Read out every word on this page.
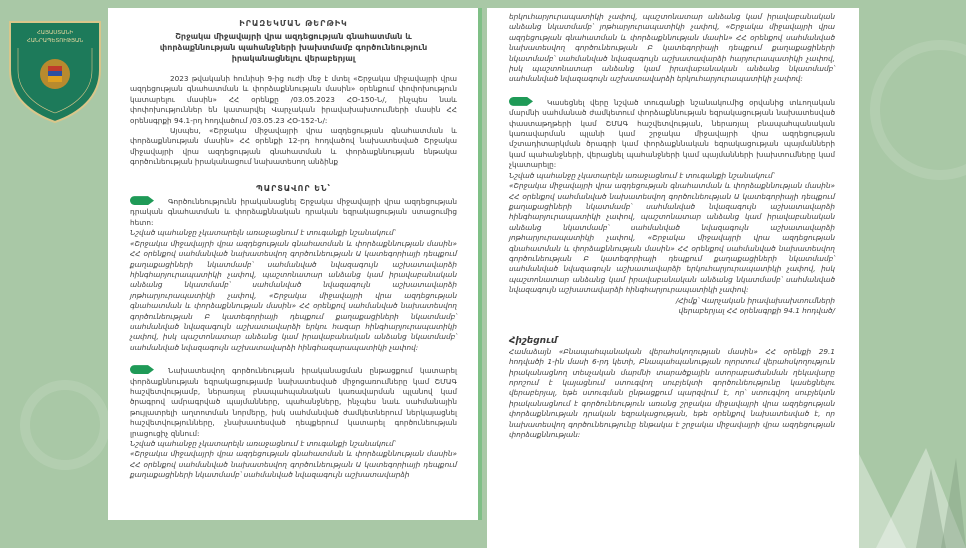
ՀԱՅԱՍՏԱՆԻ
ՀԱՆՐԱՊԵՏՈՒԹՅԱՆ
ԻՐԱԶԵԿՄԱՆ ԹԵՐԹԻԿ
Շրջակա միջավայրի վրա ազդեցության գնահատման և փորձաքննության պահանջների խախտմամբ գործունեություն իրականացնելու վերաբերյալ

2023 թվականի հունիսի 9-ից ուժի մեջ է մտել «Շրջակա միջավայրի վրա ազդեցության գնահատման և փորձաքննության մասին» օրենքում փոփոխություն կատարելու մասին» ՀՀ օրենքը /03.05.2023 ՀՕ-150-Ն/, ինչպես նաև փոփոխություններ են կատարվել Վարչական իրավախախտումների մասին ՀՀ օրենսգրքի 94.1-րդ հոդվածում /03.05.23 ՀՕ-152-Ն/:

Այսպես, «Շրջակա միջավայրի վրա ազդեցության գնահատման և փորձաքննության մասին» ՀՀ օրենքի 12-րդ հոդվածով նախատեսված Շրջակա միջավայրի վրա ազդեցության գնահատման և փորձաքննության ենթակա գործունեության իրականացում նախատեսող անձինք

ՊԱՐՏԱՎՈՐ ԵՆ՝

Գործունեությունն իրականացնել Շրջակա միջավայրի վրա ազդեցության դրական գնահատման և փորձաքննական դրական եզրակացության ստացումից հետո:

Նշված պահանջը չկատարելն առաջացնում է տուգանքի նշանակում՝

«Շրջակա միջավայրի վրա ազդեցության գնահատման և փորձաքննության մասին» ՀՀ օրենքով սահմանված նախատեսվող գործունեության Ա կատեգորիայի դեպքում քաղաքացիների նկատմամբ՝ սահմանված նվազագույն աշխատավարձի հինգհարյուրապատիկի չափով, պաշտոնատար անձանց կամ իրավաբանական անձանց նկատմամբ՝ սահմանված նվազագույն աշխատավարձի յոթհարյուրապատիկի չափով, «Շրջակա միջավայրի վրա ազդեցության գնահատման և փորձաքննության մասին» ՀՀ օրենքով սահմանված նախատեսվող գործունեության Բ կատեգորիայի դեպքում քաղաքացիների նկատմամբ՝ սահմանված նվազագույն աշխատավարձի երկու հազար հինգհարյուրապատիկի չափով, իսկ պաշտոնատար անձանց կամ իրավաբանական անձանց նկատմամբ՝ սահմանված նվազագույն աշխատավարձի հինգհազարապատիկի չափով:

Նախատեսվող գործունեության իրականացման ընթացքում կատարել փորձաքննության եզրակացությամբ նախատեսված միջոցառումները կամ ՇՄԱԳ հաշվետվությամբ, ներառյալ բնապահպանական կառավարման պլանով կամ ծրագրով ամրագրված պայմանները, պահանջները, ինչպես նաև սահմանային թույլատրելի աղտոտման նորմերը, իսկ սահմանված ժամկետներում ներկայացնել հաշվետվությունները, չնախատեսված դեպքերում կատարել գործունեության լրացուցիչ զննում:

Նշված պահանջը չկատարելն առաջացնում է տուգանքի նշանակում՝

«Շրջակա միջավայրի վրա ազդեցության գնահատման և փորձաքննության մասին» ՀՀ օրենքով սահմանված նախատեսվող գործունեության Ա կատեգորիայի դեպքում քաղաքացիների նկատմամբ՝ սահմանված նվազագույն աշխատավարձի

երկուհարյուրապատիկի չափով, պաշտոնատար անձանց կամ իրավաբանական անձանց նկատմամբ՝ յոթհարյուրապատիկի չափով, «Շրջակա միջավայրի վրա ազդեցության գնահատման և փորձաքննության մասին» ՀՀ օրենքով սահմանված նախատեսվող գործունեության Բ կատեգորիայի դեպքում քաղաքացիների նկատմամբ՝ սահմանված նվազագույն աշխատավարձի հարյուրապատիկի չափով, իսկ պաշտոնատար անձանց կամ իրավաբանական անձանց նկատմամբ՝ սահմանված նվազագույն աշխատավարձի երկուհարյուրապատիկի չափով:

Կասեցնել վերը նշված տուգանքի նշանակումից օրվանից տևողական մարմնի սահմանած ժամկետում փորձաքննության եզրակացության նախատեսված փաստաթղթերի կամ ՇՄԱԳ հաշվետվության, ներառյալ բնապահպանական կառավարման պլանի կամ շրջակա միջավայրի վրա ազդեցության մշտադիտարկման ծրագրի կամ փորձաքննական եզրակացության պայմանների կամ պահանջների, վերացնել պահանջների կամ պայմանների խախտումները կամ չկատարելը:

Նշված պահանջը չկատարելն առաջացնում է տուգանքի նշանակում՝

«Շրջակա միջավայրի վրա ազդեցության գնահատման և փորձաքննության մասին» ՀՀ օրենքով սահմանված նախատեսվող գործունեության Ա կատեգորիայի դեպքում քաղաքացիների նկատմամբ՝ սահմանված նվազագույն աշխատավարձի հինգհարյուրապատիկի չափով, պաշտոնատար անձանց կամ իրավաբանական անձանց նկատմամբ՝ սահմանված նվազագույն աշխատավարձի յոթհարյուրապատիկի չափով, «Շրջակա միջավայրի վրա ազդեցության գնահատման և փորձաքննության մասին» ՀՀ օրենքով սահմանված նախատեսվող գործունեության Բ կատեգորիայի դեպքում քաղաքացիների նկատմամբ՝ սահմանված նվազագույն աշխատավարձի երկուհարյուրապատիկի չափով, իսկ պաշտոնատար անձանց կամ իրավաբանական անձանց նկատմամբ՝ սահմանված նվազագույն աշխատավարձի հինգհարյուրապատիկի չափով:

/Հիմք՝ Վարչական իրավախախտումների վերաբերյալ ՀՀ օրենսգրքի 94.1 հոդված/

Հիշեցում

Համաձայն «Բնապահպանական վերահսկողության մասին» ՀՀ օրենքի 29.1 հոդվածի 1-ին մասի 6-րդ կետի, Բնապահպանության ոլորտում վերահսկողություն իրականացնող տեսչական մարմնի տարածքային ստորաբաժանման ղեկավարը որոշում է կայացնում ստուգվող սուբյեկտի գործունեությունը կասեցնելու վերաբերյալ, եթե ստուգման ընթացքում պարզվում է, որ՝ ստուգվող սուբյեկտն իրականացնում է գործունեություն առանց շրջակա միջավայրի վրա ազդեցության փորձաքննության դրական եզրակացության, եթե օրենքով նախատեսված է, որ նախատեսվող գործունեությունը ենթակա է շրջակա միջավայրի վրա ազդեցության փորձաքննության:
